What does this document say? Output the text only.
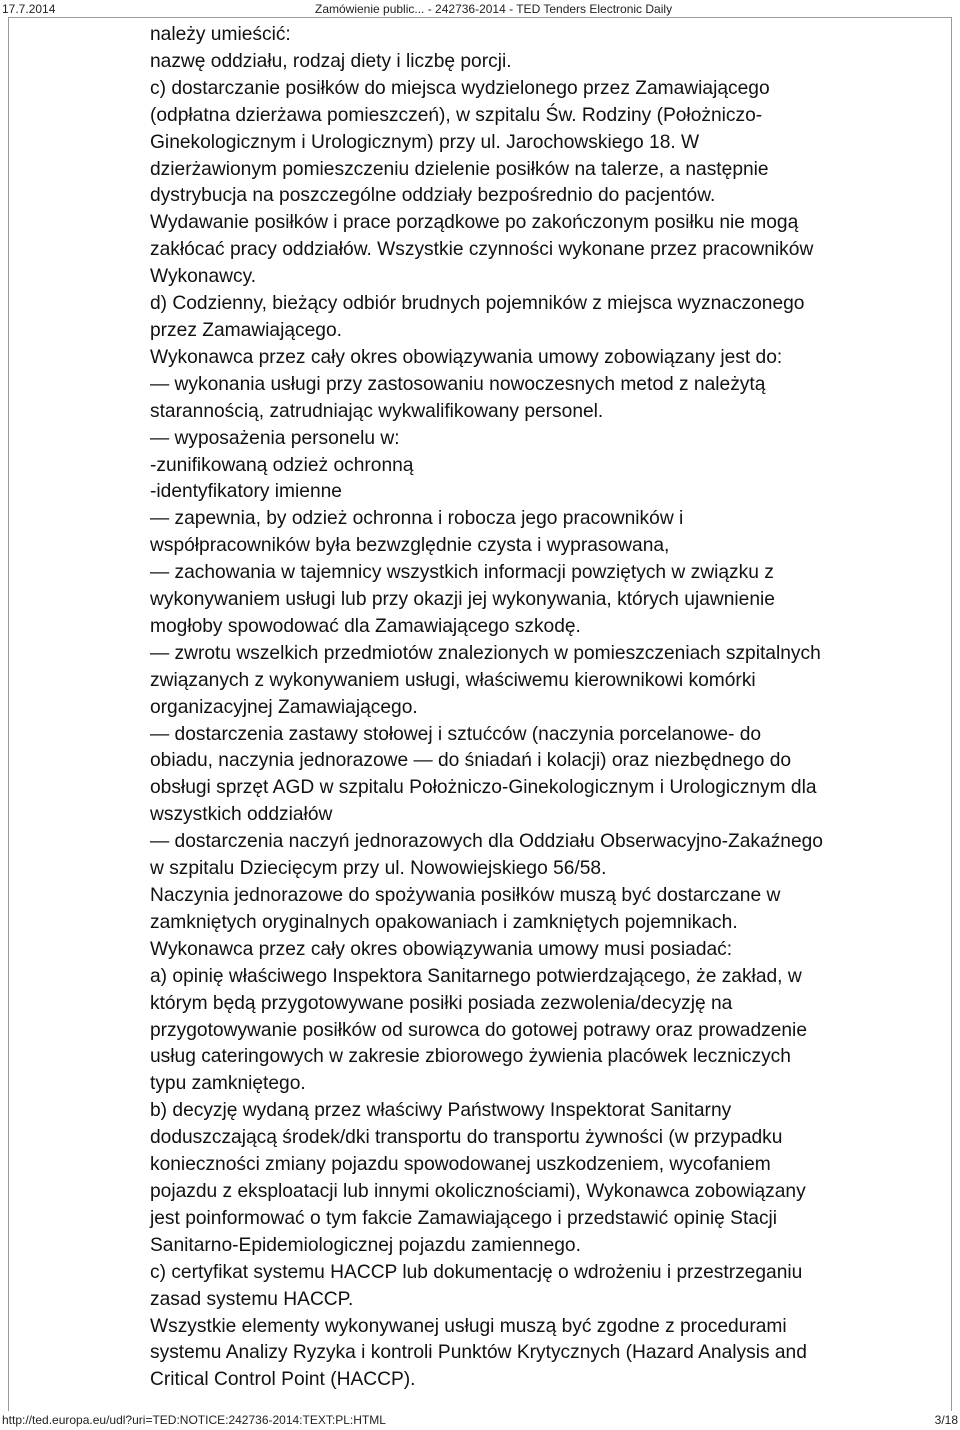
17.7.2014	Zamówienie public... - 242736-2014 - TED Tenders Electronic Daily

należy umieścić:

nazwę oddziału, rodzaj diety i liczbę porcji.

c) dostarczanie posiłków do miejsca wydzielonego przez Zamawiającego

(odpłatna dzierżawa pomieszczeń), w szpitalu Św. Rodziny (Położniczo-

Ginekologicznym i Urologicznym) przy ul. Jarochowskiego 18. W

dzierżawionym pomieszczeniu dzielenie posiłków na talerze, a następnie

dystrybucja na poszczególne oddziały bezpośrednio do pacjentów.

Wydawanie posiłków i prace porządkowe po zakończonym posiłku nie mogą

zakłócać pracy oddziałów. Wszystkie czynności wykonane przez pracowników

Wykonawcy.

d) Codzienny, bieżący odbiór brudnych pojemników z miejsca wyznaczonego

przez Zamawiającego.

Wykonawca przez cały okres obowiązywania umowy zobowiązany jest do:

— wykonania usługi przy zastosowaniu nowoczesnych metod z należytą

starannością, zatrudniając wykwalifikowany personel.

— wyposażenia personelu w:

-zunifikowaną odzież ochronną

-identyfikatory imienne

— zapewnia, by odzież ochronna i robocza jego pracowników i

współpracowników była bezwzględnie czysta i wyprasowana,

— zachowania w tajemnicy wszystkich informacji powziętych w związku z

wykonywaniem usługi lub przy okazji jej wykonywania, których ujawnienie

mogłoby spowodować dla Zamawiającego szkodę.

— zwrotu wszelkich przedmiotów znalezionych w pomieszczeniach szpitalnych

związanych z wykonywaniem usługi, właściwemu kierownikowi komórki

organizacyjnej Zamawiającego.

— dostarczenia zastawy stołowej i sztućców (naczynia porcelanowe- do

obiadu, naczynia jednorazowe — do śniadań i kolacji) oraz niezbędnego do

obsługi sprzęt AGD w szpitalu Położniczo-Ginekologicznym i Urologicznym dla

wszystkich oddziałów

— dostarczenia naczyń jednorazowych dla Oddziału Obserwacyjno-Zakaźnego

w szpitalu Dziecięcym przy ul. Nowowiejskiego 56/58.

Naczynia jednorazowe do spożywania posiłków muszą być dostarczane w

zamkniętych oryginalnych opakowaniach i zamkniętych pojemnikach.

Wykonawca przez cały okres obowiązywania umowy musi posiadać:

a) opinię właściwego Inspektora Sanitarnego potwierdzającego, że zakład, w

którym będą przygotowywane posiłki posiada zezwolenia/decyzję na

przygotowywanie posiłków od surowca do gotowej potrawy oraz prowadzenie

usług cateringowych w zakresie zbiorowego żywienia placówek leczniczych

typu zamkniętego.

b) decyzję wydaną przez właściwy Państwowy Inspektorat Sanitarny

doduszczającą środek/dki transportu do transportu żywności (w przypadku

konieczności zmiany pojazdu spowodowanej uszkodzeniem, wycofaniem

pojazdu z eksploatacji lub innymi okolicznościami), Wykonawca zobowiązany

jest poinformować o tym fakcie Zamawiającego i przedstawić opinię Stacji

Sanitarno-Epidemiologicznej pojazdu zamiennego.

c) certyfikat systemu HACCP lub dokumentację o wdrożeniu i przestrzeganiu

zasad systemu HACCP.

Wszystkie elementy wykonywanej usługi muszą być zgodne z procedurami

systemu Analizy Ryzyka i kontroli Punktów Krytycznych (Hazard Analysis and

Critical Control Point (HACCP).

http://ted.europa.eu/udl?uri=TED:NOTICE:242736-2014:TEXT:PL:HTML	3/18
